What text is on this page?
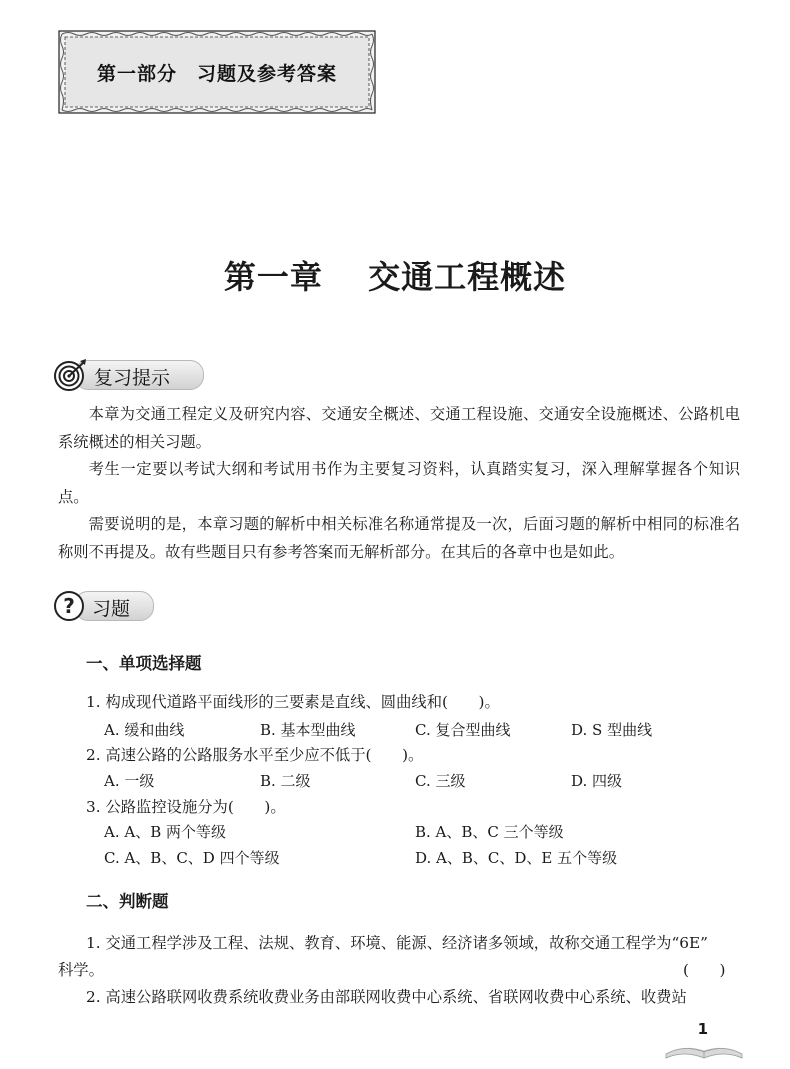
第一部分　习题及参考答案
第一章　 交通工程概述
复习提示

本章为交通工程定义及研究内容、交通安全概述、交通工程设施、交通安全设施概述、公路机电系统概述的相关习题。

考生一定要以考试大纲和考试用书作为主要复习资料，认真踏实复习，深入理解掌握各个知识点。

需要说明的是，本章习题的解析中相关标准名称通常提及一次，后面习题的解析中相同的标准名称则不再提及。故有些题目只有参考答案而无解析部分。在其后的各章中也是如此。

? 习题
一、单项选择题
1. 构成现代道路平面线形的三要素是直线、圆曲线和(　　)。
A. 缓和曲线	B. 基本型曲线	C. 复合型曲线	D. S 型曲线
2. 高速公路的公路服务水平至少应不低于(　　)。
A. 一级	B. 二级	C. 三级	D. 四级
3. 公路监控设施分为(　　)。
A. A、B 两个等级	B. A、B、C 三个等级
C. A、B、C、D 四个等级	D. A、B、C、D、E 五个等级
二、判断题
1. 交通工程学涉及工程、法规、教育、环境、能源、经济诸多领域，故称交通工程学为“6E”
科学。	(　　)
2. 高速公路联网收费系统收费业务由部联网收费中心系统、省联网收费中心系统、收费站
1
